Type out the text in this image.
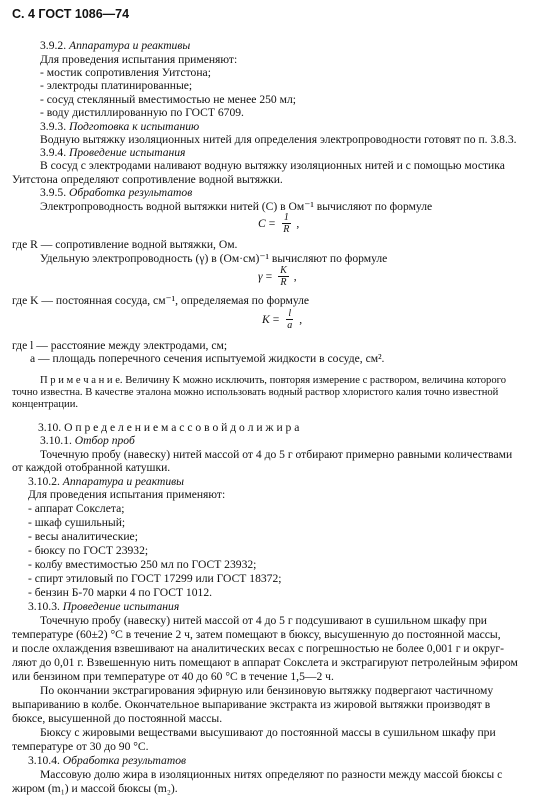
С. 4 ГОСТ 1086—74
3.9.2. Аппаратура и реактивы
Для проведения испытания применяют:
- мостик сопротивления Уитстона;
- электроды платинированные;
- сосуд стеклянный вместимостью не менее 250 мл;
- воду дистиллированную по ГОСТ 6709.
3.9.3. Подготовка к испытанию
Водную вытяжку изоляционных нитей для определения электропроводности готовят по п. 3.8.3.
3.9.4. Проведение испытания
В сосуд с электродами наливают водную вытяжку изоляционных нитей и с помощью мостика
Уитстона определяют сопротивление водной вытяжки.
3.9.5. Обработка результатов
Электропроводность водной вытяжки нитей (С) в Ом⁻¹ вычисляют по формуле
$C = \frac{1}{R}$ ,
где R — сопротивление водной вытяжки, Ом.
Удельную электропроводность (γ) в (Ом·см)⁻¹ вычисляют по формуле
$\gamma = \frac{K}{R}$ ,
где K — постоянная сосуда, см⁻¹, определяемая по формуле
$K = \frac{l}{a}$ ,
где l — расстояние между электродами, см;
a — площадь поперечного сечения испытуемой жидкости в сосуде, см².
П р и м е ч а н и е. Величину K можно исключить, повторяя измерение с раствором, величина которого
точно известна. В качестве эталона можно использовать водный раствор хлористого калия точно известной
концентрации.
3.10. О п р е д е л е н и е м а с с о в о й д о л и ж и р а
3.10.1. Отбор проб
Точечную пробу (навеску) нитей массой от 4 до 5 г отбирают примерно равными количествами
от каждой отобранной катушки.
3.10.2. Аппаратура и реактивы
Для проведения испытания применяют:
- аппарат Сокслета;
- шкаф сушильный;
- весы аналитические;
- бюксу по ГОСТ 23932;
- колбу вместимостью 250 мл по ГОСТ 23932;
- спирт этиловый по ГОСТ 17299 или ГОСТ 18372;
- бензин Б-70 марки 4 по ГОСТ 1012.
3.10.3. Проведение испытания
Точечную пробу (навеску) нитей массой от 4 до 5 г подсушивают в сушильном шкафу при
температуре (60±2) °С в течение 2 ч, затем помещают в бюксу, высушенную до постоянной массы,
и после охлаждения взвешивают на аналитических весах с погрешностью не более 0,001 г и округ-
ляют до 0,01 г. Взвешенную нить помещают в аппарат Сокслета и экстрагируют петролейным эфиром
или бензином при температуре от 40 до 60 °С в течение 1,5—2 ч.
По окончании экстрагирования эфирную или бензиновую вытяжку подвергают частичному
выпариванию в колбе. Окончательное выпаривание экстракта из жировой вытяжки производят в
бюксе, высушенной до постоянной массы.
Бюксу с жировыми веществами высушивают до постоянной массы в сушильном шкафу при
температуре от 30 до 90 °С.
3.10.4. Обработка результатов
Массовую долю жира в изоляционных нитях определяют по разности между массой бюксы с
жиром (m₁) и массой бюксы (m₂).
